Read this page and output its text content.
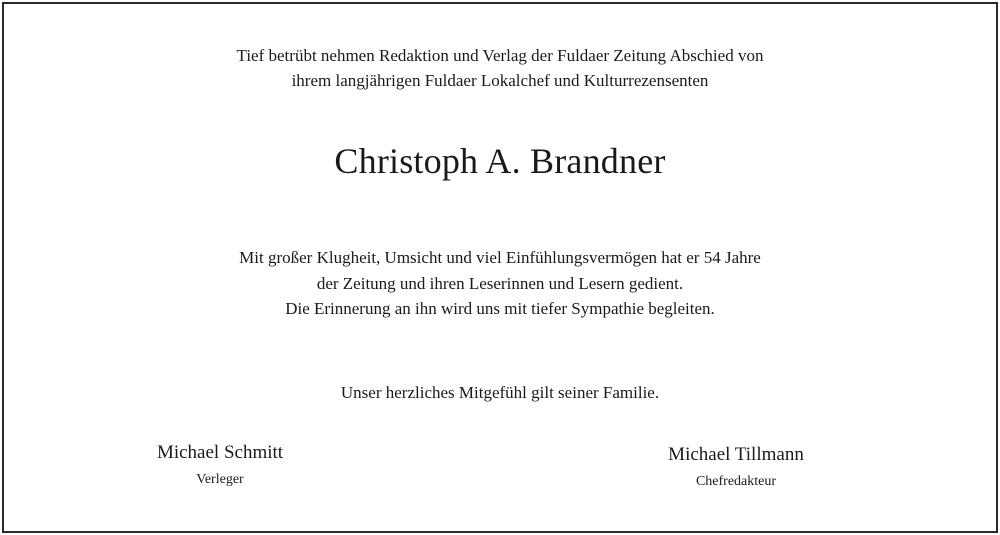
Tief betrübt nehmen Redaktion und Verlag der Fuldaer Zeitung Abschied von
ihrem langjährigen Fuldaer Lokalchef und Kulturrezensenten
Christoph A. Brandner
Mit großer Klugheit, Umsicht und viel Einfühlungsvermögen hat er 54 Jahre
der Zeitung und ihren Leserinnen und Lesern gedient.
Die Erinnerung an ihn wird uns mit tiefer Sympathie begleiten.
Unser herzliches Mitgefühl gilt seiner Familie.
Michael Schmitt
Verleger
Michael Tillmann
Chefredakteur
